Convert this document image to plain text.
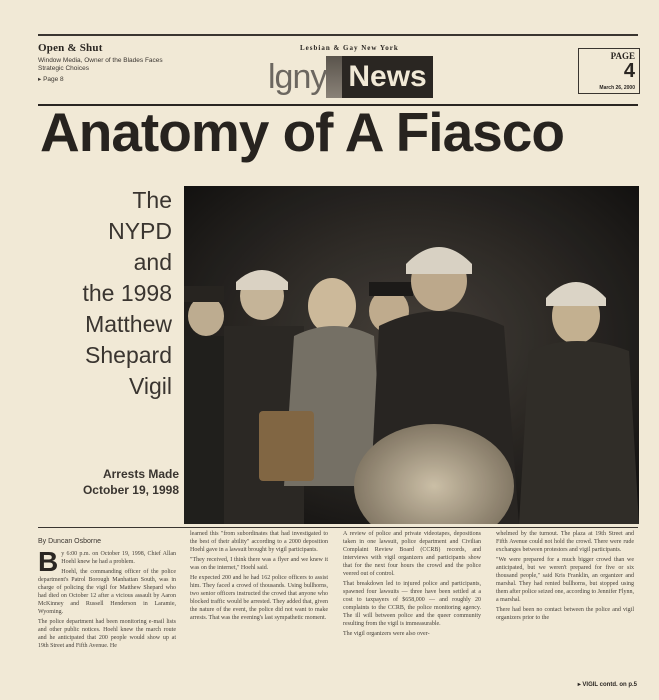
Open & Shut
Window Media, Owner of the Blades Faces Strategic Choices
▸ Page 8
Lesbian & Gay New York
lgny News
PAGE
4
March 26, 2000
Anatomy of A Fiasco
The
NYPD
and
the 1998
Matthew
Shepard
Vigil
Arrests Made
October 19, 1998
By Duncan Osborne
B y 6:00 p.m. on October 19, 1998, Chief Allan Hoehl knew he had a problem.

Hoehl, the commanding officer of the police department's Patrol Borough Manhattan South, was in charge of policing the vigil for Matthew Shepard who had died on October 12 after a vicious assault by Aaron McKinney and Russell Henderson in Laramie, Wyoming.

The police department had been monitoring e-mail lists and other public notices. Hoehl knew the march route and he anticipated that 200 people would show up at 19th Street and Fifth Avenue. He

learned this "from subordinates that had investigated to the best of their ability" according to a 2000 deposition Hoehl gave in a lawsuit brought by vigil participants.

"They received, I think there was a flyer and we knew it was on the internet," Hoehl said.

He expected 200 and he had 162 police officers to assist him. They faced a crowd of thousands. Using bullhorns, two senior officers instructed the crowd that anyone who blocked traffic would be arrested. They added that, given the nature of the event, the police did not want to make arrests. That was the evening's last sympathetic moment.

A review of police and private videotapes, depositions taken in one lawsuit, police department and Civilian Complaint Review Board (CCRB) records, and interviews with vigil organizers and participants show that for the next four hours the crowd and the police veered out of control.

That breakdown led to injured police and participants, spawned four lawsuits — three have been settled at a cost to taxpayers of $658,000 — and roughly 20 complaints to the CCRB, the police monitoring agency. The ill will between police and the queer community resulting from the vigil is immeasurable.

The vigil organizers were also over-

whelmed by the turnout. The plaza at 19th Street and Fifth Avenue could not hold the crowd. There were rude exchanges between protestors and vigil participants.

"We were prepared for a much bigger crowd than we anticipated, but we weren't prepared for five or six thousand people," said Kris Franklin, an organizer and marshal. They had rented bullhorns, but stopped using them after police seized one, according to Jennifer Flynn, a marshal.

There had been no contact between the police and vigil organizers prior to the

▸ VIGIL contd. on p.5
